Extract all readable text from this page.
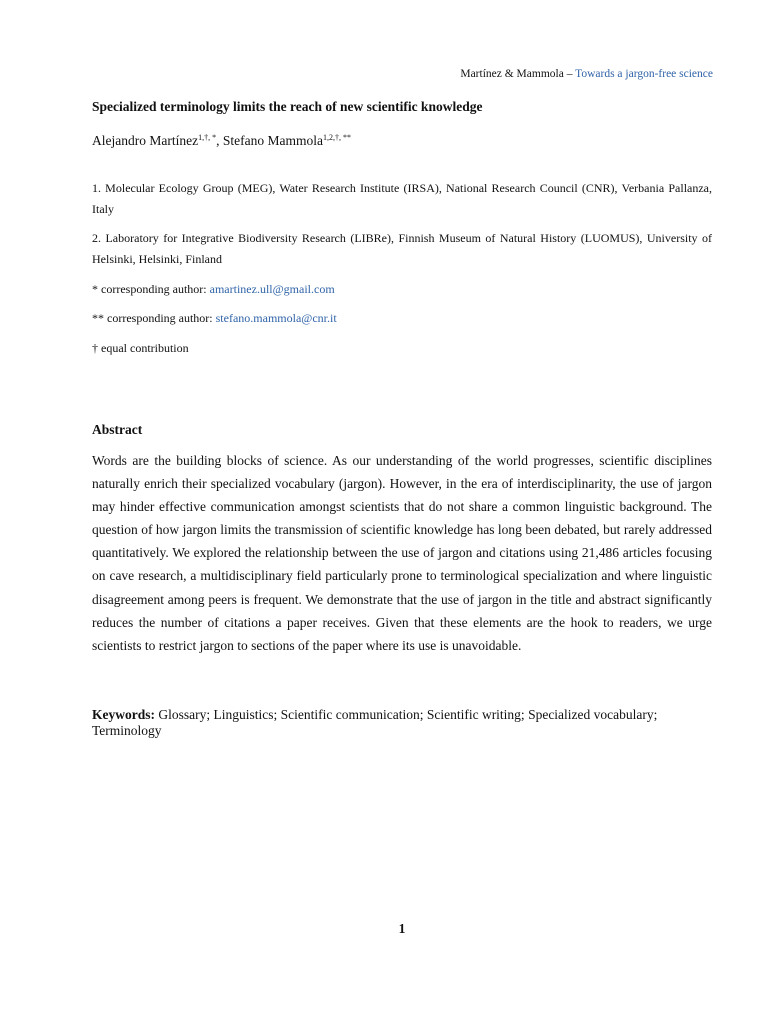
Martínez & Mammola – Towards a jargon-free science
Specialized terminology limits the reach of new scientific knowledge
Alejandro Martínez$^{1,\dagger, *}$, Stefano Mammola$^{1,2,\dagger, **}$
1. Molecular Ecology Group (MEG), Water Research Institute (IRSA), National Research Council (CNR), Verbania Pallanza, Italy
2. Laboratory for Integrative Biodiversity Research (LIBRe), Finnish Museum of Natural History (LUOMUS), University of Helsinki, Helsinki, Finland
* corresponding author: amartinez.ull@gmail.com
** corresponding author: stefano.mammola@cnr.it
† equal contribution
Abstract
Words are the building blocks of science. As our understanding of the world progresses, scientific disciplines naturally enrich their specialized vocabulary (jargon). However, in the era of interdisciplinarity, the use of jargon may hinder effective communication amongst scientists that do not share a common linguistic background. The question of how jargon limits the transmission of scientific knowledge has long been debated, but rarely addressed quantitatively. We explored the relationship between the use of jargon and citations using 21,486 articles focusing on cave research, a multidisciplinary field particularly prone to terminological specialization and where linguistic disagreement among peers is frequent. We demonstrate that the use of jargon in the title and abstract significantly reduces the number of citations a paper receives. Given that these elements are the hook to readers, we urge scientists to restrict jargon to sections of the paper where its use is unavoidable.
Keywords: Glossary; Linguistics; Scientific communication; Scientific writing; Specialized vocabulary; Terminology
1
